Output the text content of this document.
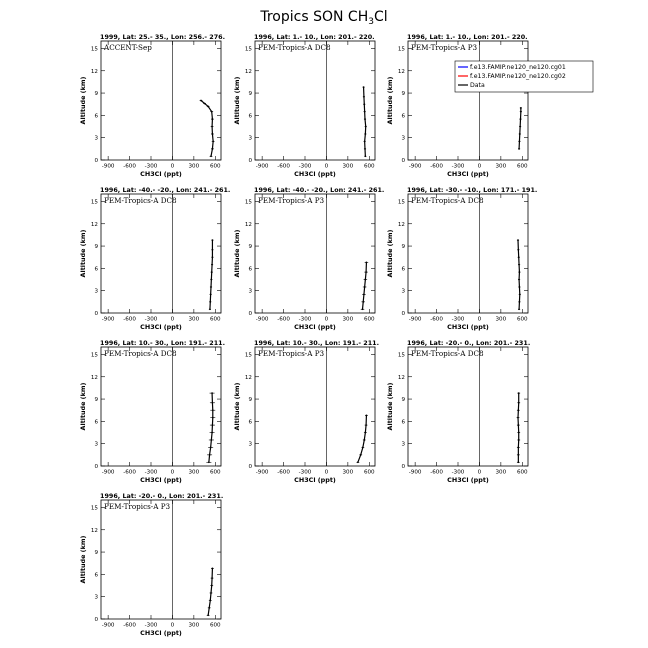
Tropics SON $CH_3Cl$
1999, Lat: 25.- 35., Lon: 256.- 276.
ACCENT-Sep
-900 -600 -300 0	300 600
0
3
6
9
12
15
CH3Cl (ppt)
Altitude (km)
1996, Lat: 1.- 10., Lon: 201.- 220.
PEM-Tropics-A DC8
-900 -600 -300 0	300 600
0
3
6
9
12
15
CH3Cl (ppt)
Altitude (km)
1996, Lat: 1.- 10., Lon: 201.- 220.
PEM-Tropics-A P3
-900 -600 -300 0	300 600
0
3
6
9
12
15
CH3Cl (ppt)
Altitude (km)
1996, Lat: -40.- -20., Lon: 241.- 261.
PEM-Tropics-A DC8
-900 -600 -300 0	300 600
0
3
6
9
12
15
CH3Cl (ppt)
Altitude (km)
1996, Lat: -40.- -20., Lon: 241.- 261.
PEM-Tropics-A P3
-900 -600 -300 0	300 600
0
3
6
9
12
15
CH3Cl (ppt)
Altitude (km)
1996, Lat: -30.- -10., Lon: 171.- 191.
PEM-Tropics-A DC8
-900 -600 -300 0	300 600
0
3
6
9
12
15
CH3Cl (ppt)
Altitude (km)
1996, Lat: 10.- 30., Lon: 191.- 211.
PEM-Tropics-A DC8
-900 -600 -300 0	300 600
0
3
6
9
12
15
CH3Cl (ppt)
Altitude (km)
1996, Lat: 10.- 30., Lon: 191.- 211.
PEM-Tropics-A P3
-900 -600 -300 0	300 600
0
3
6
9
12
15
CH3Cl (ppt)
Altitude (km)
1996, Lat: -20.- 0., Lon: 201.- 231.
PEM-Tropics-A DC8
-900 -600 -300 0	300 600
0
3
6
9
12
15
CH3Cl (ppt)
Altitude (km)
1996, Lat: -20.- 0., Lon: 201.- 231.
PEM-Tropics-A P3
-900 -600 -300 0	300 600
0
3
6
9
12
15
CH3Cl (ppt)
Altitude (km)
f.e13.FAMIP.ne120_ne120.cg01
f.e13.FAMIP.ne120_ne120.cg02
Data
